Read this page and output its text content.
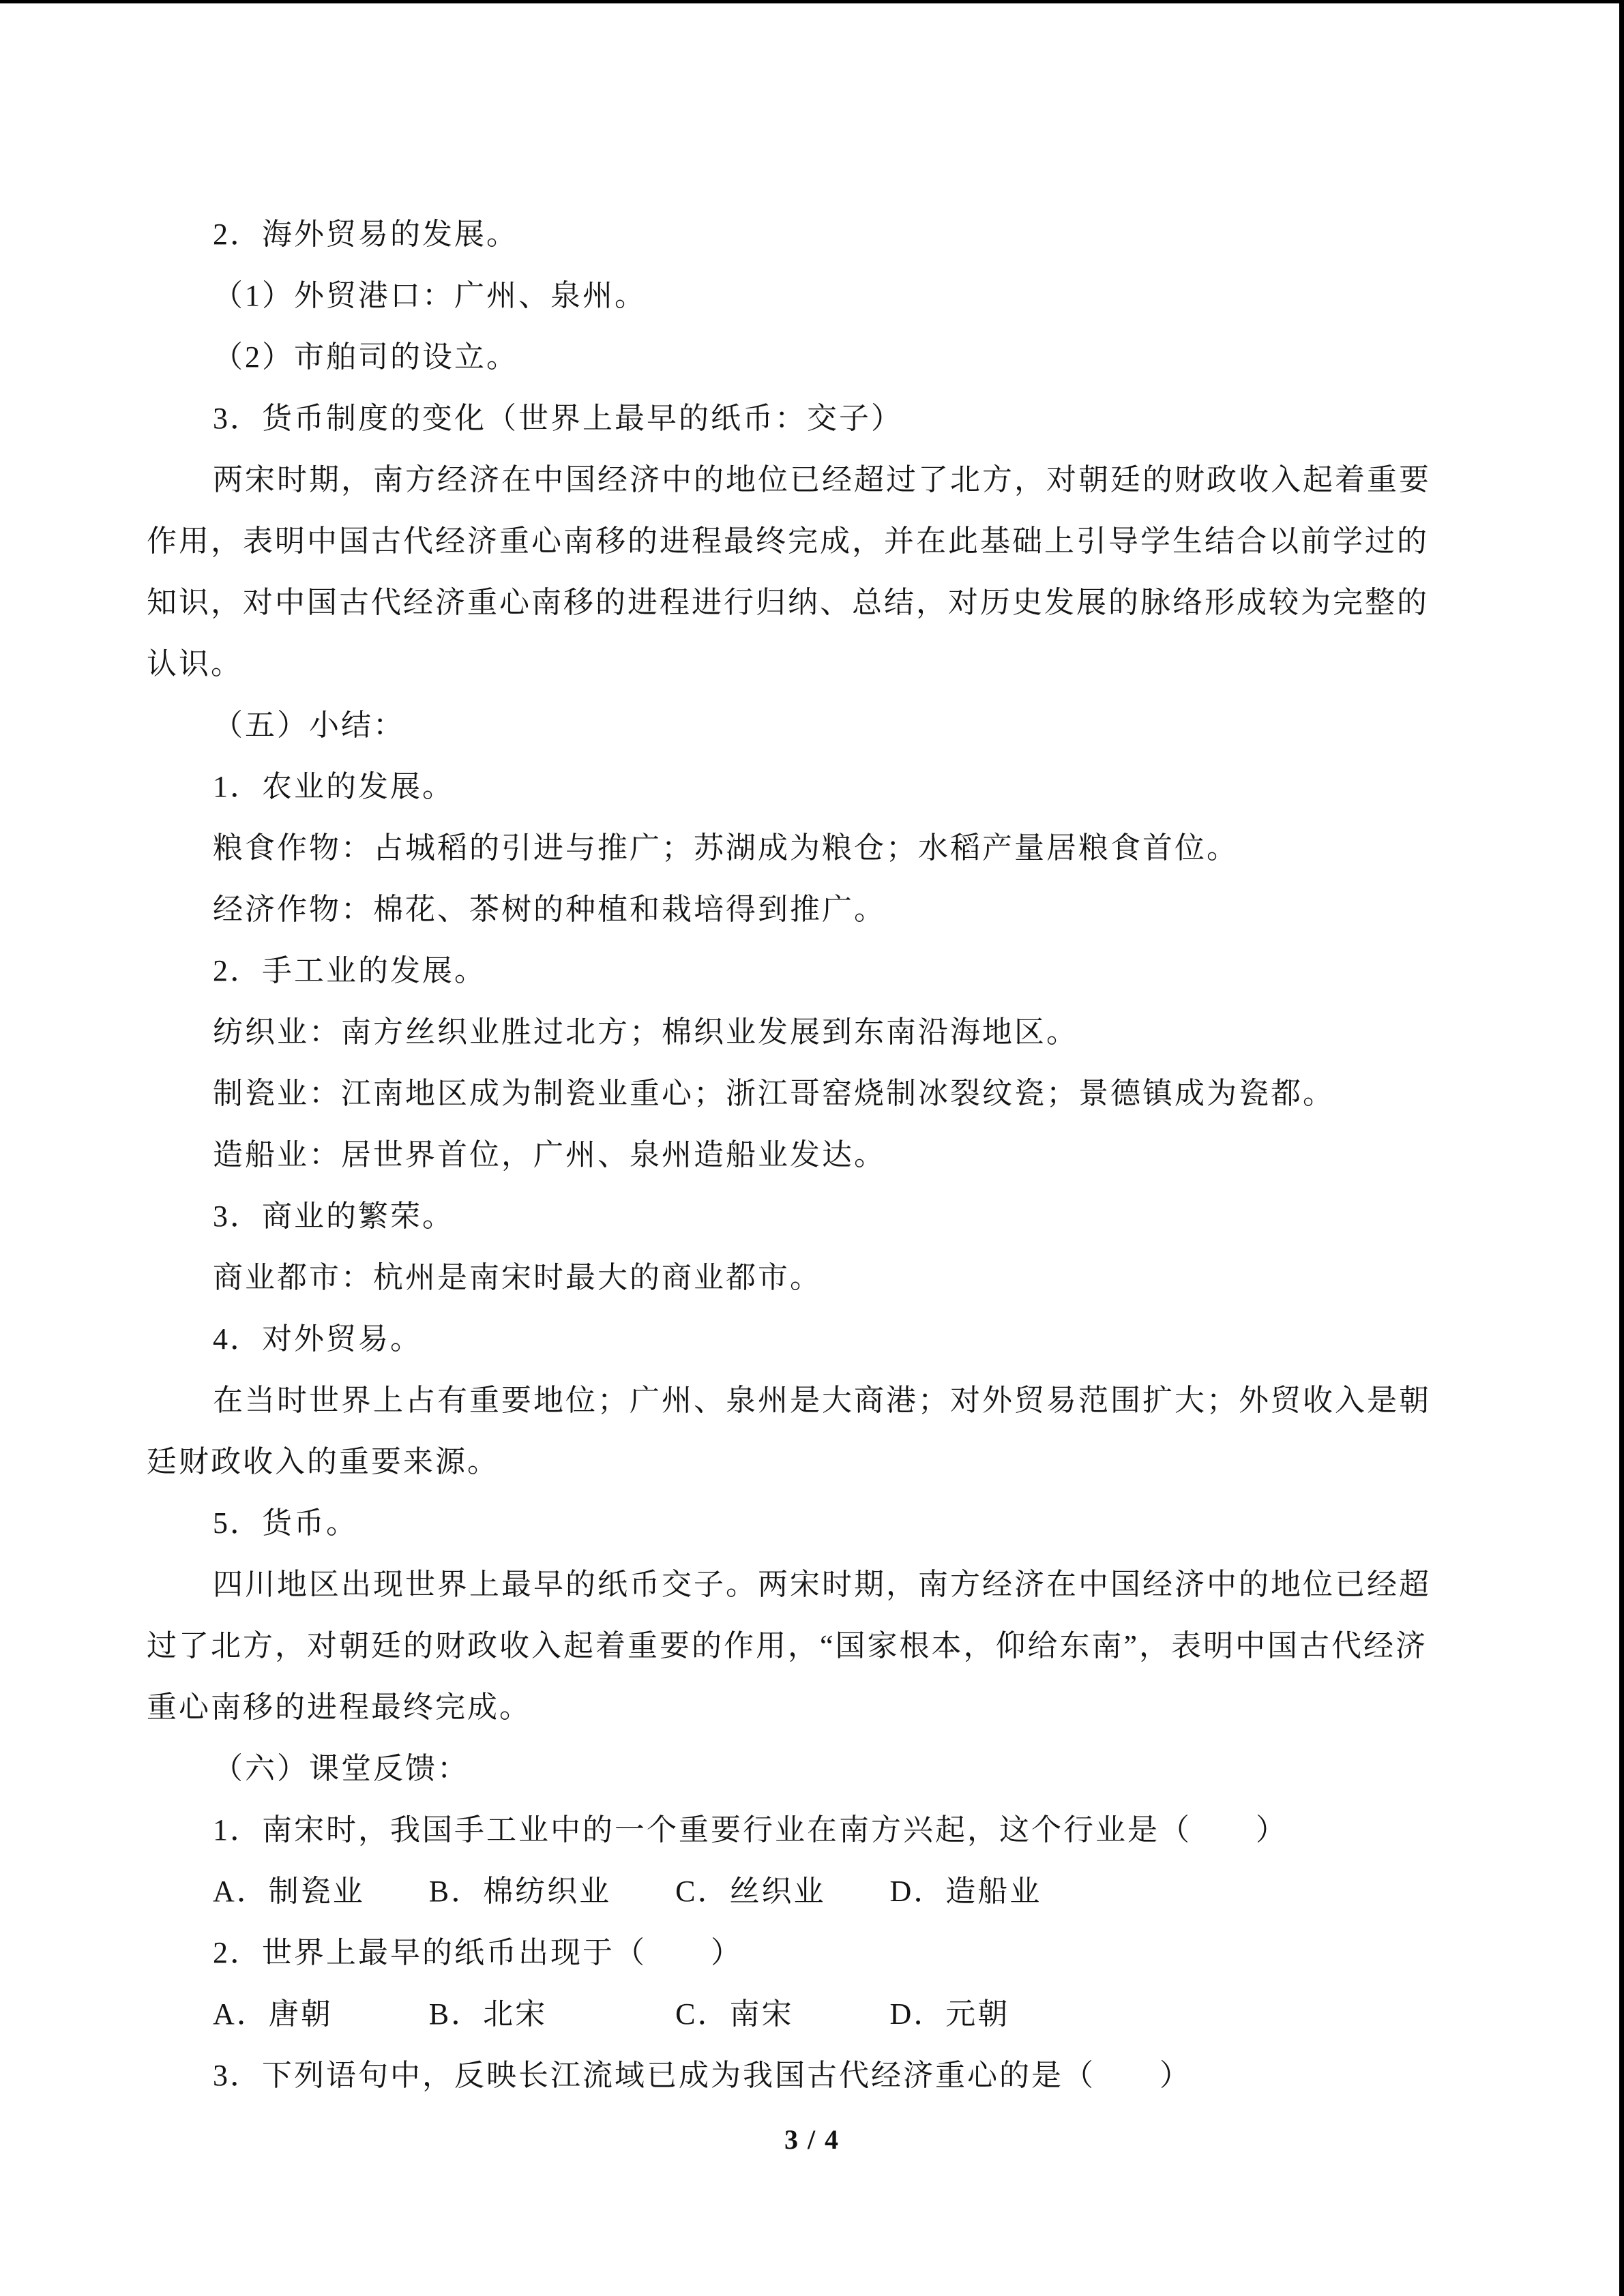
2．海外贸易的发展。
（1）外贸港口：广州、泉州。
（2）市舶司的设立。
3．货币制度的变化（世界上最早的纸币：交子）
两宋时期，南方经济在中国经济中的地位已经超过了北方，对朝廷的财政收入起着重要
作用，表明中国古代经济重心南移的进程最终完成，并在此基础上引导学生结合以前学过的
知识，对中国古代经济重心南移的进程进行归纳、总结，对历史发展的脉络形成较为完整的
认识。
（五）小结：
1．农业的发展。
粮食作物：占城稻的引进与推广；苏湖成为粮仓；水稻产量居粮食首位。
经济作物：棉花、茶树的种植和栽培得到推广。
2．手工业的发展。
纺织业：南方丝织业胜过北方；棉织业发展到东南沿海地区。
制瓷业：江南地区成为制瓷业重心；浙江哥窑烧制冰裂纹瓷；景德镇成为瓷都。
造船业：居世界首位，广州、泉州造船业发达。
3．商业的繁荣。
商业都市：杭州是南宋时最大的商业都市。
4．对外贸易。
在当时世界上占有重要地位；广州、泉州是大商港；对外贸易范围扩大；外贸收入是朝
廷财政收入的重要来源。
5．货币。
四川地区出现世界上最早的纸币交子。两宋时期，南方经济在中国经济中的地位已经超
过了北方，对朝廷的财政收入起着重要的作用，“国家根本，仰给东南”，表明中国古代经济
重心南移的进程最终完成。
（六）课堂反馈：
1．南宋时，我国手工业中的一个重要行业在南方兴起，这个行业是（　　）
A．制瓷业　　B．棉纺织业　　C．丝织业　　D．造船业
2．世界上最早的纸币出现于（　　）
A．唐朝　　　B．北宋　　　　C．南宋　　　D．元朝
3．下列语句中，反映长江流域已成为我国古代经济重心的是（　　）
3 / 4
